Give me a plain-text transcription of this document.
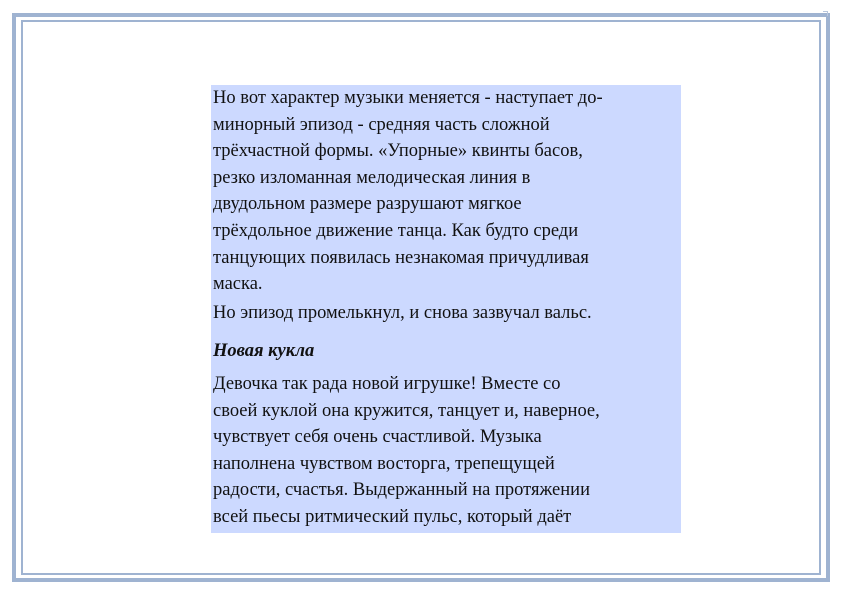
Но вот характер музыки меняется - наступает до-

минорный эпизод - средняя часть сложной

трёхчастной формы. «Упорные» квинты басов,

резко изломанная мелодическая линия в

двудольном размере разрушают мягкое

трёхдольное движение танца. Как будто среди

танцующих появилась незнакомая причудливая

маска.

Но эпизод промелькнул, и снова зазвучал вальс.

Новая кукла

Девочка так рада новой игрушке! Вместе со

своей куклой она кружится, танцует и, наверное,

чувствует себя очень счастливой. Музыка

наполнена чувством восторга, трепещущей

радости, счастья. Выдержанный на протяжении

всей пьесы ритмический пульс, который даёт
